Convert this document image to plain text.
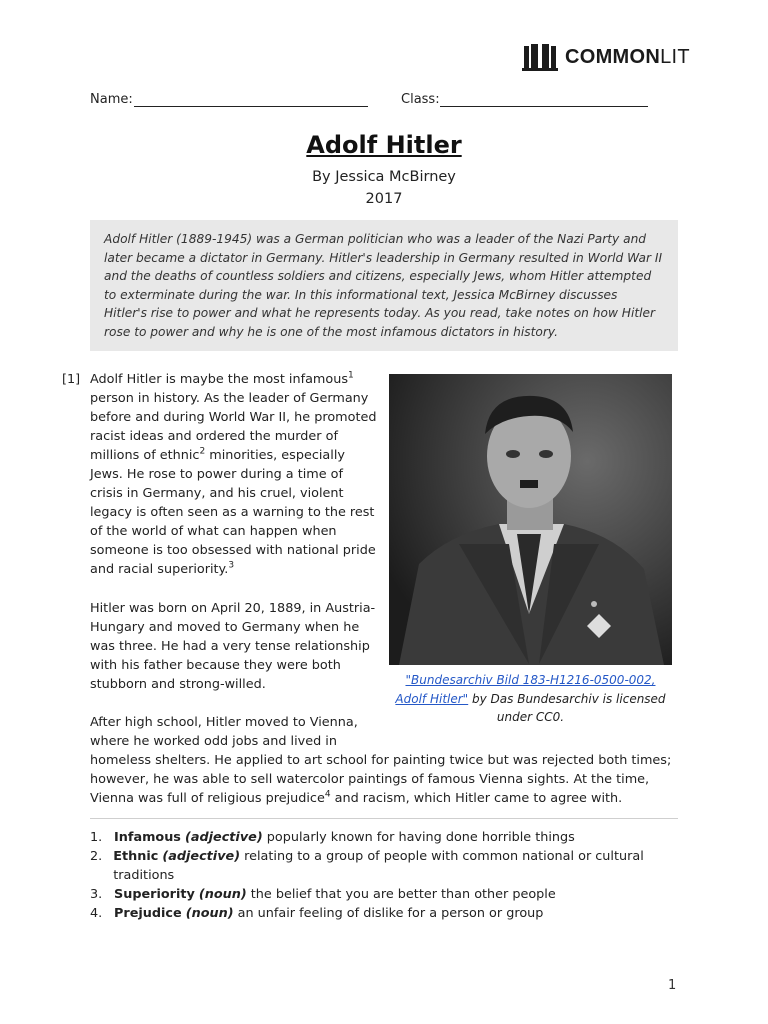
COMMONLIT
Name:	Class:
Adolf Hitler
By Jessica McBirney
2017
Adolf Hitler (1889-1945) was a German politician who was a leader of the Nazi Party and later became a dictator in Germany. Hitler's leadership in Germany resulted in World War II and the deaths of countless soldiers and citizens, especially Jews, whom Hitler attempted to exterminate during the war. In this informational text, Jessica McBirney discusses Hitler's rise to power and what he represents today. As you read, take notes on how Hitler rose to power and why he is one of the most infamous dictators in history.
[1] Adolf Hitler is maybe the most infamous$^1$ person in history. As the leader of Germany before and during World War II, he promoted racist ideas and ordered the murder of millions of ethnic$^2$ minorities, especially Jews. He rose to power during a time of crisis in Germany, and his cruel, violent legacy is often seen as a warning to the rest of the world of what can happen when someone is too obsessed with national pride and racial superiority.$^3$
Hitler was born on April 20, 1889, in Austria-Hungary and moved to Germany when he was three. He had a very tense relationship with his father because they were both stubborn and strong-willed.
After high school, Hitler moved to Vienna, where he worked odd jobs and lived in homeless shelters. He applied to art school for painting twice but was rejected both times; however, he was able to sell watercolor paintings of famous Vienna sights. At the time, Vienna was full of religious prejudice$^4$ and racism, which Hitler came to agree with.
"Bundesarchiv Bild 183-H1216-0500-002, Adolf Hitler" by Das Bundesarchiv is licensed under CC0.
1. Infamous (adjective) popularly known for having done horrible things
2. Ethnic (adjective) relating to a group of people with common national or cultural traditions
3. Superiority (noun) the belief that you are better than other people
4. Prejudice (noun) an unfair feeling of dislike for a person or group
1
